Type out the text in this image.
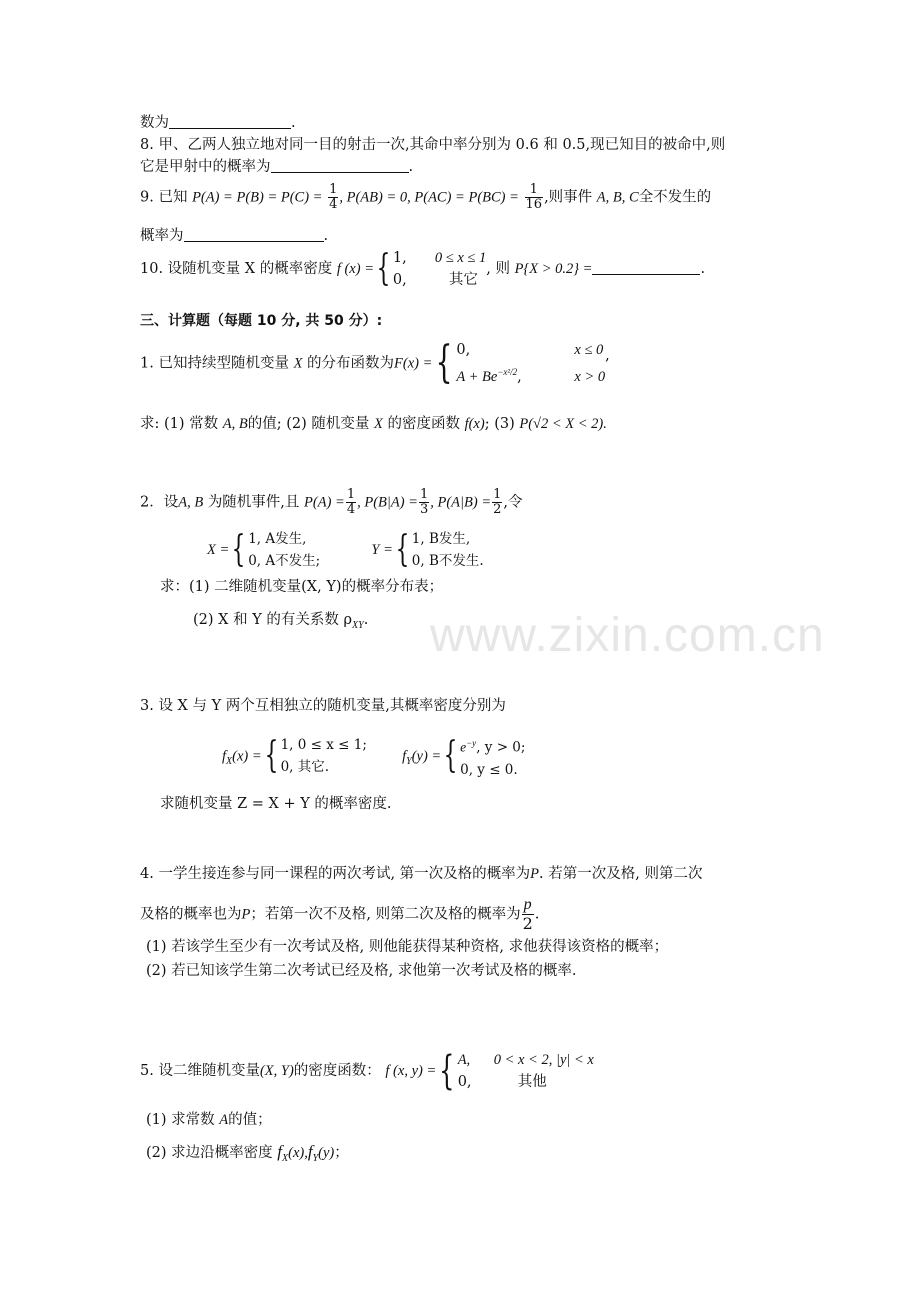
www.zixin.com.cn
数为	.
8. 甲、乙两人独立地对同一目的射击一次,其命中率分别为 0.6 和 0.5,现已知目的被命中,则
它是甲射中的概率为	.
9. 已知 $P(A) = P(B) = P(C) = \frac{1}{4}$ , P(AB) = 0, $P(AC) = P(BC) = \frac{1}{16}$ ,则事件 A, B, C全不发生的
概率为	.
10. 设随机变量 X 的概率密度 f (x) ={ 1, 0 ≤ x ≤ 1
0,	其它
, 则 P{X > 0.2} =	.
三、计算题（每题 10 分, 共 50 分）:
1. 已知持续型随机变量 X 的分布函数为F(x) ={ 0,	x ≤ 0
$A + Be^{-x^2/2}$,	x > 0
,
求: (1) 常数 A, B的值; (2) 随机变量 X 的密度函数 f(x); (3) P(√2 < X < 2).
2．设A, B 为随机事件,且 $P(A) = \frac{1}{4}$ , $P(B|A) = \frac{1}{3}$ , $P(A|B) = \frac{1}{2}$ ,令
X ={ 1, A发生,
0, A不发生;
Y ={ 1, B发生,
0, B不发生.
求：(1) 二维随机变量(X, Y)的概率分布表；
(2) X 和 Y 的有关系数 $\rho_{XY}$.
3. 设 X 与 Y 两个互相独立的随机变量,其概率密度分别为
$f_X(x)$ ={ 1, 0 ≤ x ≤ 1;
0, 其它.
$f_Y(y)$ ={ $e^{-y}$, y > 0;
0, y ≤ 0.
求随机变量 Z = X + Y 的概率密度.
4. 一学生接连参与同一课程的两次考试, 第一次及格的概率为P. 若第一次及格, 则第二次
及格的概率也为P；若第一次不及格, 则第二次及格的概率为 $\frac{p}{2}$ .
(1) 若该学生至少有一次考试及格, 则他能获得某种资格, 求他获得该资格的概率；
(2) 若已知该学生第二次考试已经及格, 求他第一次考试及格的概率.
5. 设二维随机变量(X, Y)的密度函数： f (x, y) ={ A, 0 < x < 2, |y| < x
0,	其他
(1) 求常数 A的值；
(2) 求边沿概率密度 $f_X(x),f_Y(y)$；
